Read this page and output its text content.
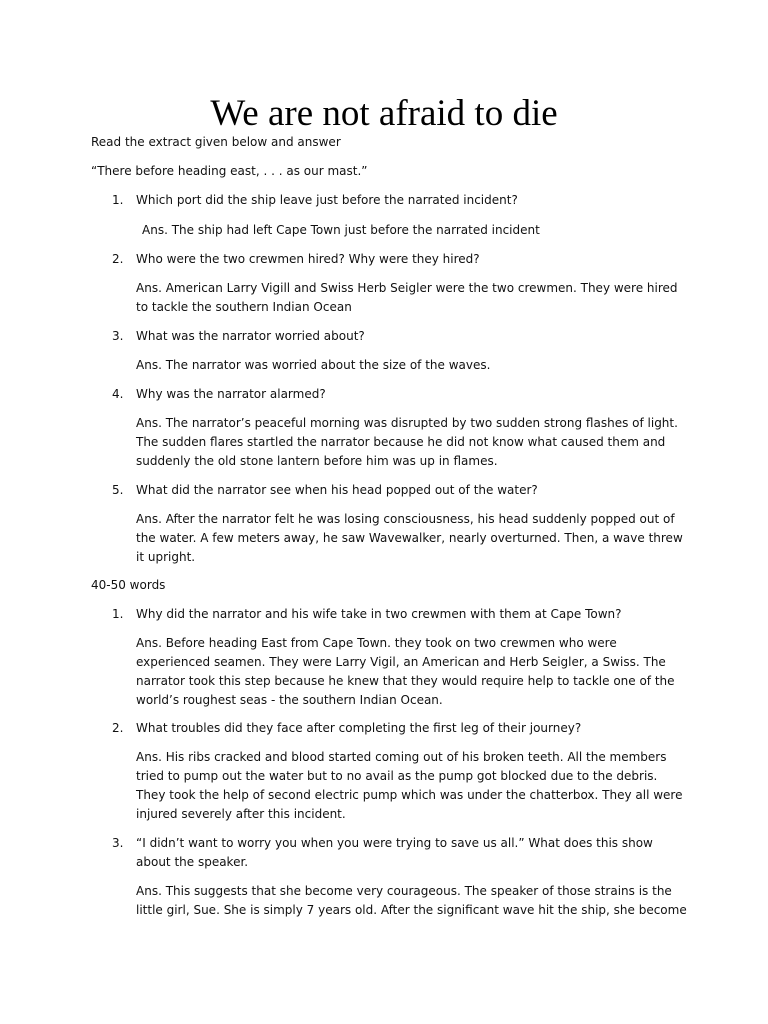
We are not afraid to die
Read the extract given below and answer
“There before heading east, . . . as our mast.”
1. Which port did the ship leave just before the narrated incident?
Ans. The ship had left Cape Town just before the narrated incident
2. Who were the two crewmen hired? Why were they hired?
Ans. American Larry Vigill and Swiss Herb Seigler were the two crewmen. They were hired to tackle the southern Indian Ocean
3. What was the narrator worried about?
Ans. The narrator was worried about the size of the waves.
4. Why was the narrator alarmed?
Ans. The narrator’s peaceful morning was disrupted by two sudden strong flashes of light. The sudden flares startled the narrator because he did not know what caused them and suddenly the old stone lantern before him was up in flames.
5. What did the narrator see when his head popped out of the water?
Ans. After the narrator felt he was losing consciousness, his head suddenly popped out of the water. A few meters away, he saw Wavewalker, nearly overturned. Then, a wave threw it upright.
40-50 words
1. Why did the narrator and his wife take in two crewmen with them at Cape Town?
Ans. Before heading East from Cape Town. they took on two crewmen who were experienced seamen. They were Larry Vigil, an American and Herb Seigler, a Swiss. The narrator took this step because he knew that they would require help to tackle one of the world’s roughest seas - the southern Indian Ocean.
2. What troubles did they face after completing the first leg of their journey?
Ans. His ribs cracked and blood started coming out of his broken teeth. All the members tried to pump out the water but to no avail as the pump got blocked due to the debris. They took the help of second electric pump which was under the chatterbox. They all were injured severely after this incident.
3. “I didn’t want to worry you when you were trying to save us all.” What does this show about the speaker.
Ans. This suggests that she become very courageous. The speaker of those strains is the little girl, Sue. She is simply 7 years old. After the significant wave hit the ship, she become
